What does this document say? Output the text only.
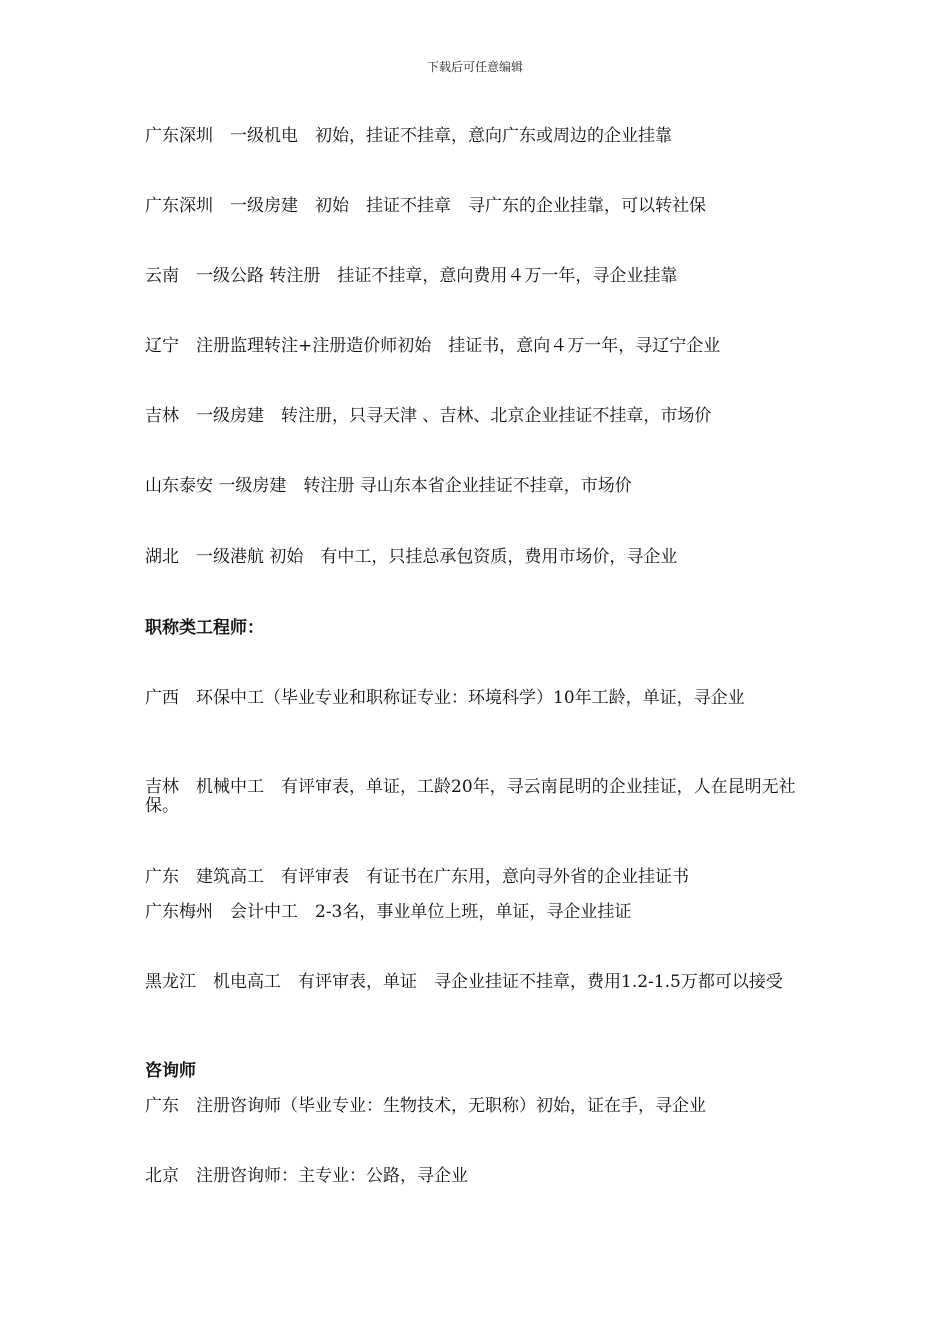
下载后可任意编辑
广东深圳　一级机电　初始，挂证不挂章，意向广东或周边的企业挂靠
广东深圳　一级房建　初始　挂证不挂章　寻广东的企业挂靠，可以转社保
云南　一级公路 转注册　挂证不挂章，意向费用４万一年，寻企业挂靠
辽宁　注册监理转注+注册造价师初始　挂证书，意向４万一年，寻辽宁企业
吉林　一级房建　转注册，只寻天津 、吉林、北京企业挂证不挂章，市场价
山东泰安 一级房建　转注册 寻山东本省企业挂证不挂章，市场价
湖北　一级港航 初始　有中工，只挂总承包资质，费用市场价，寻企业
职称类工程师：
广西　环保中工（毕业专业和职称证专业：环境科学）10年工龄，单证，寻企业
吉林　机械中工　有评审表，单证，工龄20年，寻云南昆明的企业挂证，人在昆明无社保。
广东　建筑高工　有评审表　有证书在广东用，意向寻外省的企业挂证书
广东梅州　会计中工　2-3名，事业单位上班，单证，寻企业挂证
黑龙江　机电高工　有评审表，单证　寻企业挂证不挂章，费用1.2-1.5万都可以接受
咨询师
广东　注册咨询师（毕业专业：生物技术，无职称）初始，证在手，寻企业
北京　注册咨询师：主专业：公路，寻企业
